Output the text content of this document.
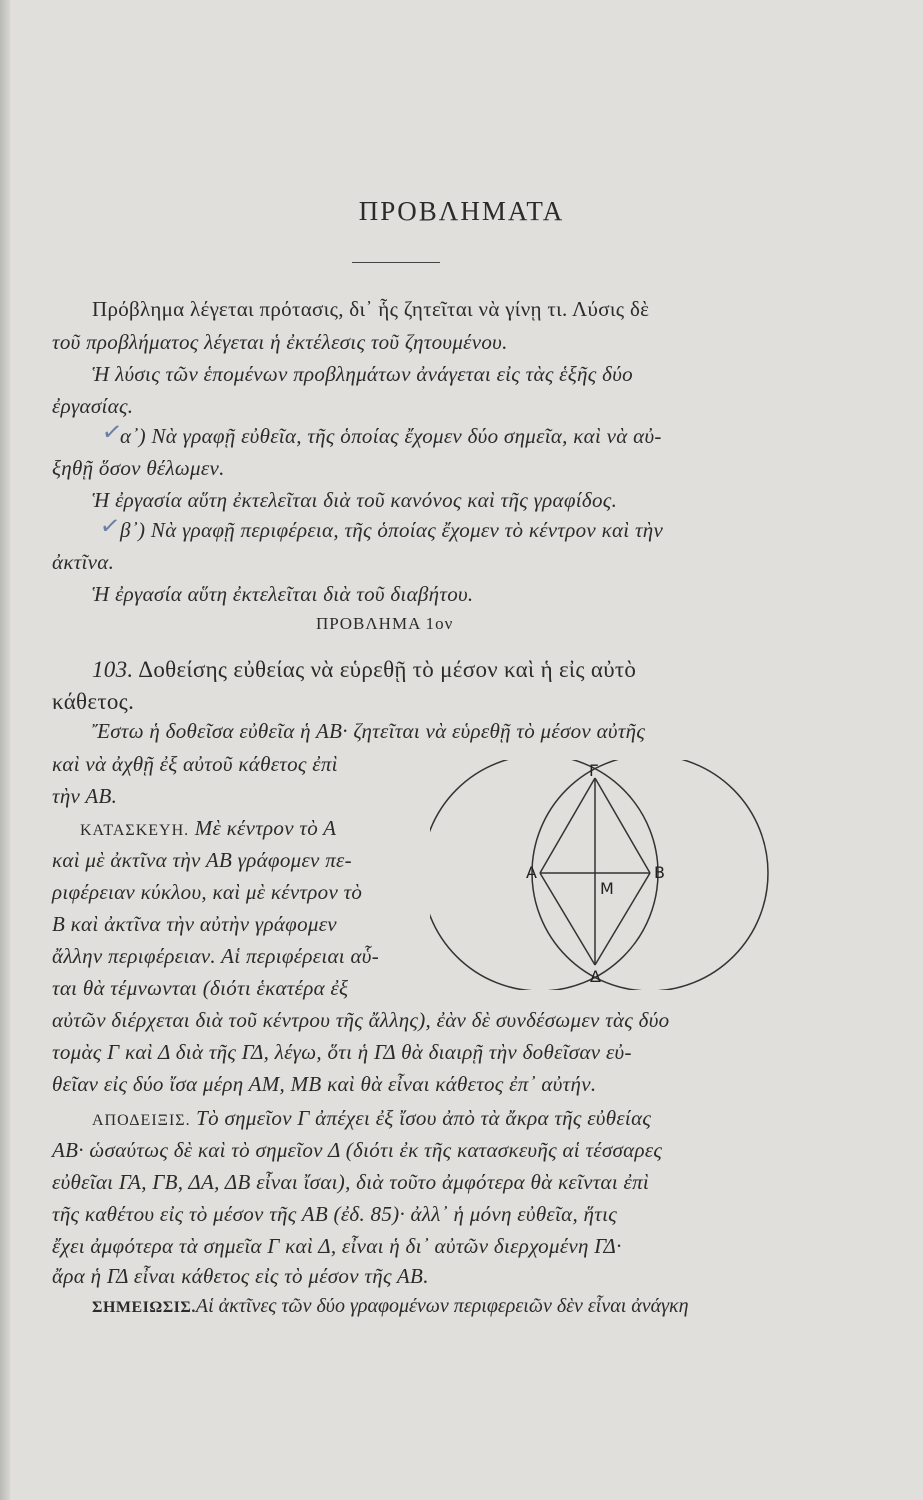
ΠΡΟΒΛΗΜΑΤΑ
Πρόβλημα λέγεται πρότασις, δι᾽ ἧς ζητεῖται νὰ γίνῃ τι. Λύσις δὲ
τοῦ προβλήματος λέγεται ἡ ἐκτέλεσις τοῦ ζητουμένου.
Ἡ λύσις τῶν ἑπομένων προβλημάτων ἀνάγεται εἰς τὰς ἑξῆς δύο
ἐργασίας.
✓
α᾽) Νὰ γραφῇ εὐθεῖα, τῆς ὁποίας ἔχομεν δύο σημεῖα, καὶ νὰ αὐ-
ξηθῇ ὅσον θέλωμεν.
Ἡ ἐργασία αὕτη ἐκτελεῖται διὰ τοῦ κανόνος καὶ τῆς γραφίδος.
✓
β᾽) Νὰ γραφῇ περιφέρεια, τῆς ὁποίας ἔχομεν τὸ κέντρον καὶ τὴν
ἀκτῖνα.
Ἡ ἐργασία αὕτη ἐκτελεῖται διὰ τοῦ διαβήτου.
ΠΡΟΒΛΗΜΑ 1ον
103. Δοθείσης εὐθείας νὰ εὑρεθῇ τὸ μέσον καὶ ἡ εἰς αὐτὸ
κάθετος.
Ἔστω ἡ δοθεῖσα εὐθεῖα ἡ ΑΒ· ζητεῖται νὰ εὑρεθῇ τὸ μέσον αὐτῆς
καὶ νὰ ἀχθῇ ἐξ αὐτοῦ κάθετος ἐπὶ
τὴν ΑΒ.
ΚΑΤΑΣΚΕΥΗ. Μὲ κέντρον τὸ Α
καὶ μὲ ἀκτῖνα τὴν ΑΒ γράφομεν πε-
ριφέρειαν κύκλου, καὶ μὲ κέντρον τὸ
Β καὶ ἀκτῖνα τὴν αὐτὴν γράφομεν
ἄλλην περιφέρειαν. Αἱ περιφέρειαι αὗ-
ται θὰ τέμνωνται (διότι ἑκατέρα ἐξ
αὐτῶν διέρχεται διὰ τοῦ κέντρου τῆς ἄλλης), ἐὰν δὲ συνδέσωμεν τὰς δύο
τομὰς Γ καὶ Δ διὰ τῆς ΓΔ, λέγω, ὅτι ἡ ΓΔ θὰ διαιρῇ τὴν δοθεῖσαν εὐ-
θεῖαν εἰς δύο ἴσα μέρη ΑΜ, ΜΒ καὶ θὰ εἶναι κάθετος ἐπ᾽ αὐτήν.
ΑΠΟΔΕΙΞΙΣ. Τὸ σημεῖον Γ ἀπέχει ἐξ ἴσου ἀπὸ τὰ ἄκρα τῆς εὐθείας
ΑΒ· ὡσαύτως δὲ καὶ τὸ σημεῖον Δ (διότι ἐκ τῆς κατασκευῆς αἱ τέσσαρες
εὐθεῖαι ΓΑ, ΓΒ, ΔΑ, ΔΒ εἶναι ἴσαι), διὰ τοῦτο ἀμφότερα θὰ κεῖνται ἐπὶ
τῆς καθέτου εἰς τὸ μέσον τῆς ΑΒ (ἐδ. 85)· ἀλλ᾽ ἡ μόνη εὐθεῖα, ἥτις
ἔχει ἀμφότερα τὰ σημεῖα Γ καὶ Δ, εἶναι ἡ δι᾽ αὐτῶν διερχομένη ΓΔ·
ἄρα ἡ ΓΔ εἶναι κάθετος εἰς τὸ μέσον τῆς ΑΒ.
ΣΗΜΕΙΩΣΙΣ.Αἱ ἀκτῖνες τῶν δύο γραφομένων περιφερειῶν δὲν εἶναι ἀνάγκη
Γ
Α	Β
Μ
Δ
